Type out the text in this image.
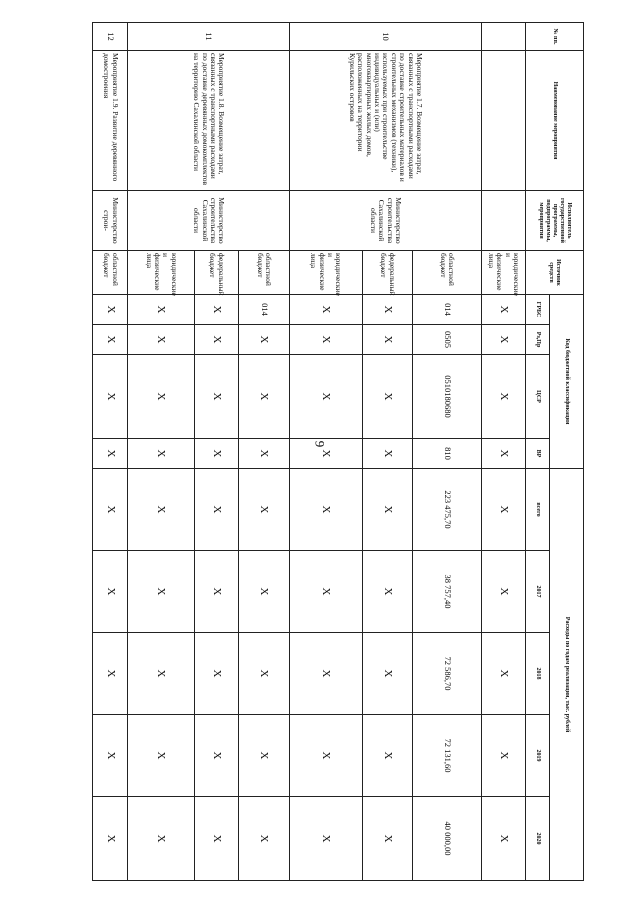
9
№ пп.	Наименование мероприятия	Исполнитель государственной программы, подпрограммы, мероприятия	Источник средств	Код бюджетной классификации				Расходы по годам реализации, тыс. рублей				
				ГРБС	Рз,Пр	ЦСР	ВР	всего	2017	2018	2019	2020
			юридические и физические лица	X	X	X	X	X	X	X	X	X
10	Мероприятие 1.7. Возмещение затрат, связанных с транспортными расходами по доставке строительных материалов и строительных механизмов (техники), используемых при строительстве индивидуальных и (или) многоквартирных жилых домов, расположенных на территории Курильских островов	Министерство строительства Сахалинской области	областной бюджет	014	0505	0510180680	810	223 475,70	38 757,40	72 586,70	72 131,60	40 000,00
			федеральный бюджет	X	X	X	X	X	X	X	X	X
			юридические и физические лица	X	X	X	X	X	X	X	X	X
11	Мероприятие 1.8. Возмещение затрат, связанных с транспортными расходами по доставке деревянных домокомплектов на территорию Сахалинской области	Министерство строительства Сахалинской области	областной бюджет	014	X	X	X	X	X	X	X	X
			федеральный бюджет	X	X	X	X	X	X	X	X	X
			юридические и физические лица	X	X	X	X	X	X	X	X	X
12	Мероприятие 1.9. Развитие деревянного домостроения	Министерство строи-	областной бюджет	X	X	X	X	X	X	X	X	X
